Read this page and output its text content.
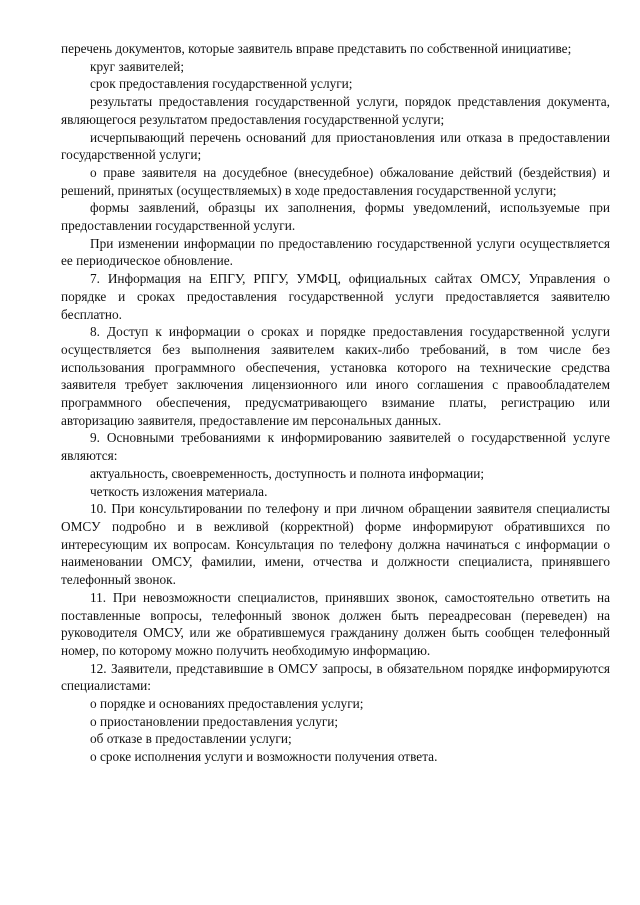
перечень документов, которые заявитель вправе представить по собственной инициативе;

круг заявителей;

срок предоставления государственной услуги;

результаты предоставления государственной услуги, порядок представления документа, являющегося результатом предоставления государственной услуги;

исчерпывающий перечень оснований для приостановления или отказа в предоставлении государственной услуги;

о праве заявителя на досудебное (внесудебное) обжалование действий (бездействия) и решений, принятых (осуществляемых) в ходе предоставления государственной услуги;

формы заявлений, образцы их заполнения, формы уведомлений, используемые при предоставлении государственной услуги.

При изменении информации по предоставлению государственной услуги осуществляется ее периодическое обновление.

7. Информация на ЕПГУ, РПГУ, УМФЦ, официальных сайтах ОМСУ, Управления о порядке и сроках предоставления государственной услуги предоставляется заявителю бесплатно.

8. Доступ к информации о сроках и порядке предоставления государственной услуги осуществляется без выполнения заявителем каких-либо требований, в том числе без использования программного обеспечения, установка которого на технические средства заявителя требует заключения лицензионного или иного соглашения с правообладателем программного обеспечения, предусматривающего взимание платы, регистрацию или авторизацию заявителя, предоставление им персональных данных.

9. Основными требованиями к информированию заявителей о государственной услуге являются:

актуальность, своевременность, доступность и полнота информации;

четкость изложения материала.

10. При консультировании по телефону и при личном обращении заявителя специалисты ОМСУ подробно и в вежливой (корректной) форме информируют обратившихся по интересующим их вопросам. Консультация по телефону должна начинаться с информации о наименовании ОМСУ, фамилии, имени, отчества и должности специалиста, принявшего телефонный звонок.

11. При невозможности специалистов, принявших звонок, самостоятельно ответить на поставленные вопросы, телефонный звонок должен быть переадресован (переведен) на руководителя ОМСУ, или же обратившемуся гражданину должен быть сообщен телефонный номер, по которому можно получить необходимую информацию.

12. Заявители, представившие в ОМСУ запросы, в обязательном порядке информируются специалистами:

о порядке и основаниях предоставления услуги;

о приостановлении предоставления услуги;

об отказе в предоставлении услуги;

о сроке исполнения услуги и возможности получения ответа.
